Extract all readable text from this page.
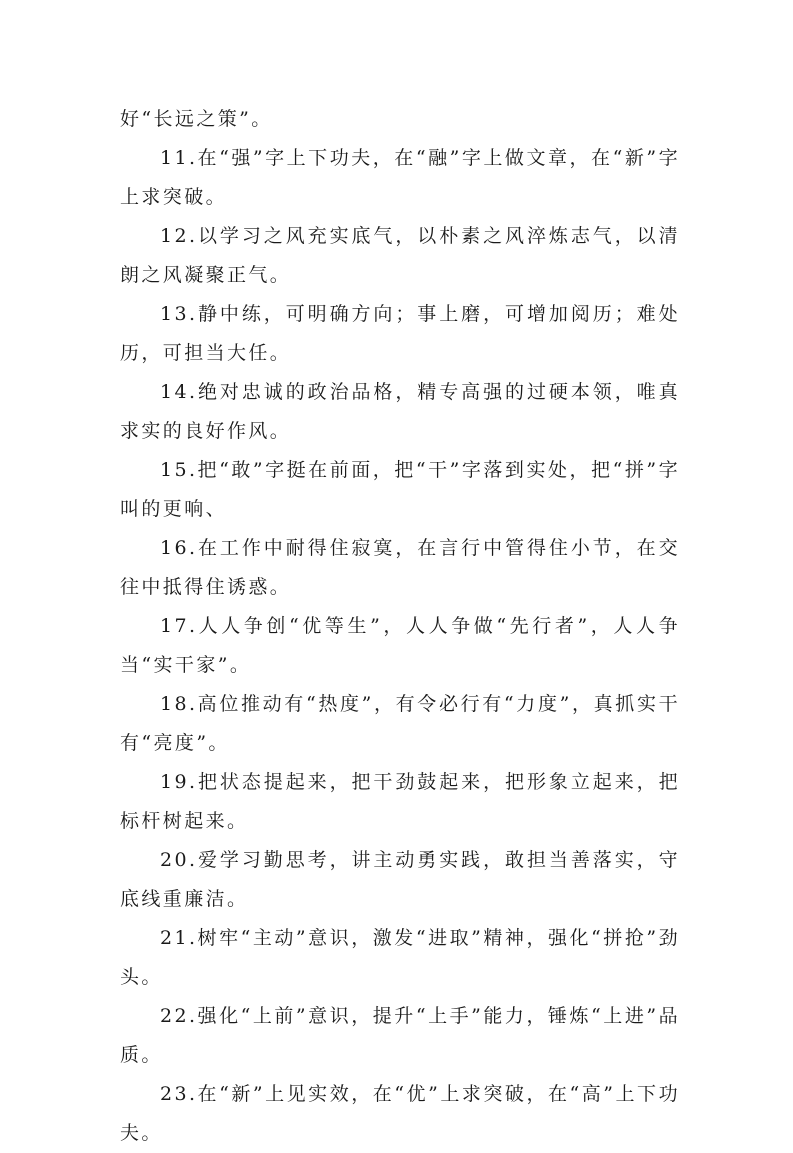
好“长远之策”。

11.在“强”字上下功夫，在“融”字上做文章，在“新”字上求突破。

12.以学习之风充实底气，以朴素之风淬炼志气，以清朗之风凝聚正气。

13.静中练，可明确方向；事上磨，可增加阅历；难处历，可担当大任。

14.绝对忠诚的政治品格，精专高强的过硬本领，唯真求实的良好作风。

15.把“敢”字挺在前面，把“干”字落到实处，把“拼”字叫的更响、

16.在工作中耐得住寂寞，在言行中管得住小节，在交往中抵得住诱惑。

17.人人争创“优等生”，人人争做“先行者”，人人争当“实干家”。

18.高位推动有“热度”，有令必行有“力度”，真抓实干有“亮度”。

19.把状态提起来，把干劲鼓起来，把形象立起来，把标杆树起来。

20.爱学习勤思考，讲主动勇实践，敢担当善落实，守底线重廉洁。

21.树牢“主动”意识，激发“进取”精神，强化“拼抢”劲头。

22.强化“上前”意识，提升“上手”能力，锤炼“上进”品质。

23.在“新”上见实效，在“优”上求突破，在“高”上下功夫。
